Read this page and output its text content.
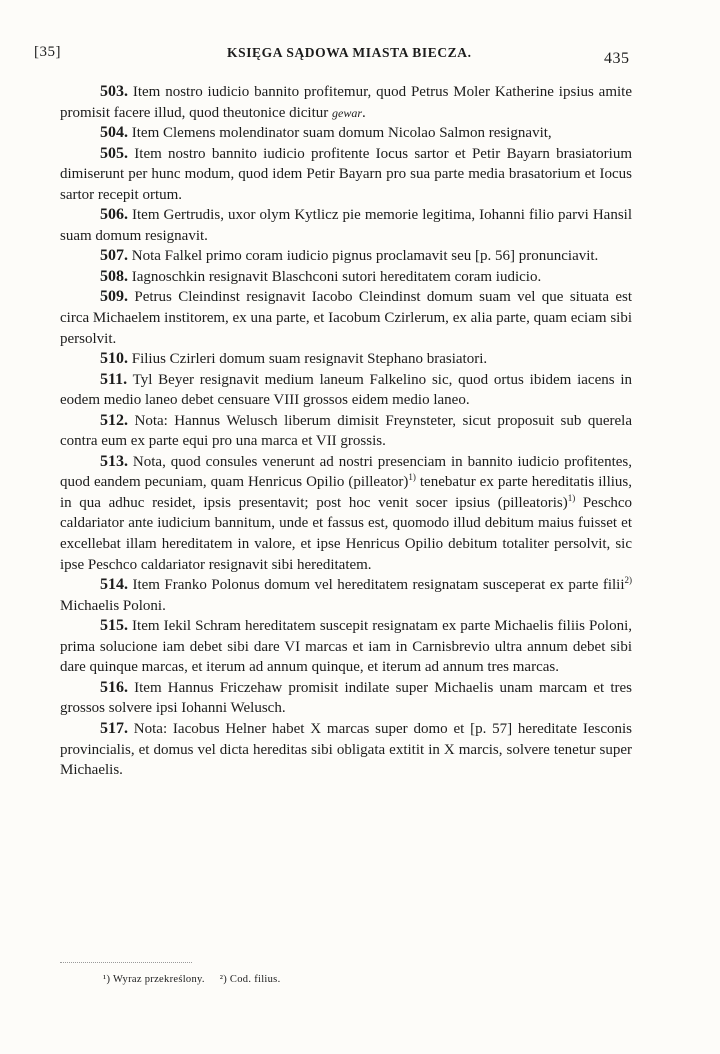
[35]	KSIĘGA SĄDOWA MIASTA BIECZA.	435

503. Item nostro iudicio bannito profitemur, quod Petrus Moler Katherine ipsius amite promisit facere illud, quod theutonice dicitur gewar.

504. Item Clemens molendinator suam domum Nicolao Salmon resignavit,

505. Item nostro bannito iudicio profitente Iocus sartor et Petir Bayarn brasiatorium dimiserunt per hunc modum, quod idem Petir Bayarn pro sua parte media brasatorium et Iocus sartor recepit ortum.

506. Item Gertrudis, uxor olym Kytlicz pie memorie legitima, Iohanni filio parvi Hansil suam domum resignavit.

507. Nota Falkel primo coram iudicio pignus proclamavit seu [p. 56] pronunciavit.

508. Iagnoschkin resignavit Blaschconi sutori hereditatem coram iudicio.

509. Petrus Cleindinst resignavit Iacobo Cleindinst domum suam vel que situata est circa Michaelem institorem, ex una parte, et Iacobum Czirlerum, ex alia parte, quam eciam sibi persolvit.

510. Filius Czirleri domum suam resignavit Stephano brasiatori.

511. Tyl Beyer resignavit medium laneum Falkelino sic, quod ortus ibidem iacens in eodem medio laneo debet censuare VIII grossos eidem medio laneo.

512. Nota: Hannus Welusch liberum dimisit Freynsteter, sicut proposuit sub querela contra eum ex parte equi pro una marca et VII grossis.

513. Nota, quod consules venerunt ad nostri presenciam in bannito iudicio profitentes, quod eandem pecuniam, quam Henricus Opilio (pilleator)$^{1)}$ tenebatur ex parte hereditatis illius, in qua adhuc residet, ipsis presentavit; post hoc venit socer ipsius (pilleatoris)$^{1)}$ Peschco caldariator ante iudicium bannitum, unde et fassus est, quomodo illud debitum maius fuisset et excellebat illam hereditatem in valore, et ipse Henricus Opilio debitum totaliter persolvit, sic ipse Peschco caldariator resignavit sibi hereditatem.

514. Item Franko Polonus domum vel hereditatem resignatam susceperat ex parte filii$^{2)}$ Michaelis Poloni.

515. Item Iekil Schram hereditatem suscepit resignatam ex parte Michaelis filiis Poloni, prima solucione iam debet sibi dare VI marcas et iam in Carnisbrevio ultra annum debet sibi dare quinque marcas, et iterum ad annum quinque, et iterum ad annum tres marcas.

516. Item Hannus Friczehaw promisit indilate super Michaelis unam marcam et tres grossos solvere ipsi Iohanni Welusch.

517. Nota: Iacobus Helner habet X marcas super domo et [p. 57] hereditate Iesconis provincialis, et domus vel dicta hereditas sibi obligata extitit in X marcis, solvere tenetur super Michaelis.

¹) Wyraz przekreślony. ²) Cod. filius.
